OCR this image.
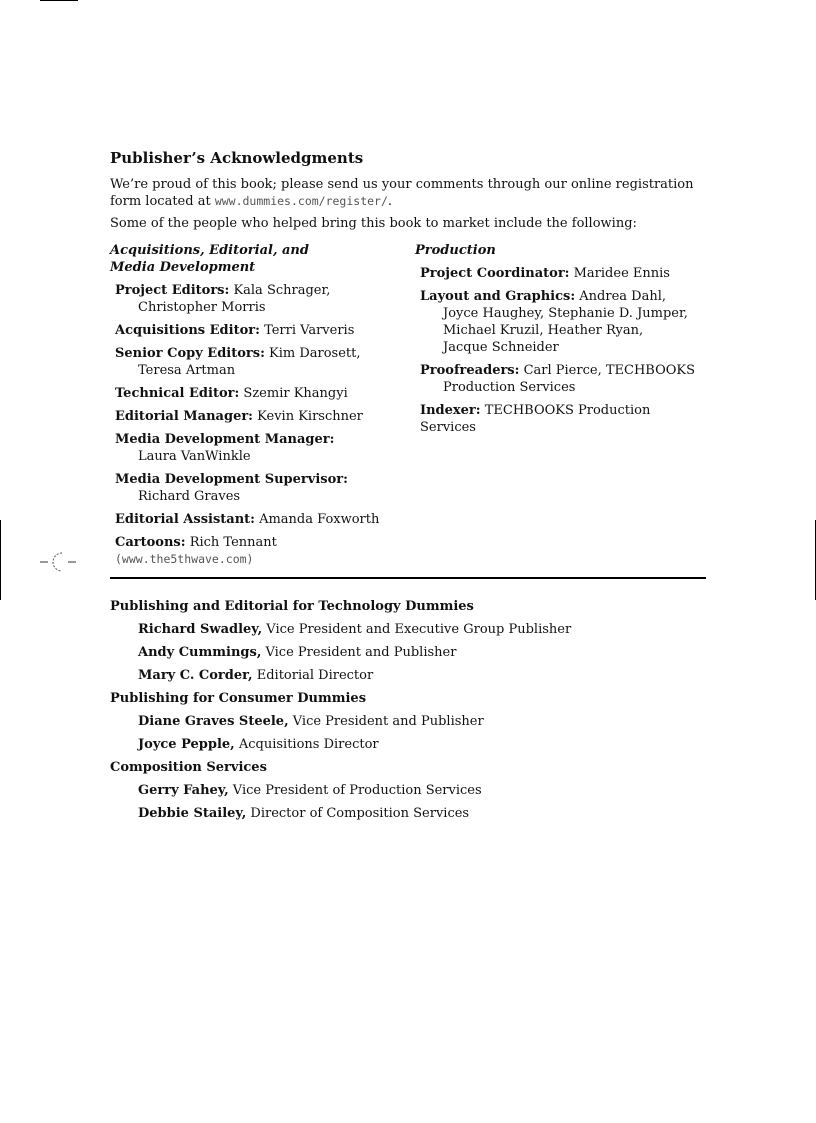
Publisher’s Acknowledgments

We’re proud of this book; please send us your comments through our online registration form located at www.dummies.com/register/.

Some of the people who helped bring this book to market include the following:

Acquisitions, Editorial, and
Media Development
Project Editors: Kala Schrager,
Christopher Morris
Acquisitions Editor: Terri Varveris
Senior Copy Editors: Kim Darosett,
Teresa Artman
Technical Editor: Szemir Khangyi
Editorial Manager: Kevin Kirschner
Media Development Manager:
Laura VanWinkle
Media Development Supervisor:
Richard Graves
Editorial Assistant: Amanda Foxworth
Cartoons: Rich Tennant (www.the5thwave.com)
Production
Project Coordinator: Maridee Ennis
Layout and Graphics: Andrea Dahl,
Joyce Haughey, Stephanie D. Jumper,
Michael Kruzil, Heather Ryan,
Jacque Schneider
Proofreaders: Carl Pierce, TECHBOOKS
Production Services
Indexer: TECHBOOKS Production Services
Publishing and Editorial for Technology Dummies
Richard Swadley, Vice President and Executive Group Publisher
Andy Cummings, Vice President and Publisher
Mary C. Corder, Editorial Director
Publishing for Consumer Dummies
Diane Graves Steele, Vice President and Publisher
Joyce Pepple, Acquisitions Director
Composition Services
Gerry Fahey, Vice President of Production Services
Debbie Stailey, Director of Composition Services
